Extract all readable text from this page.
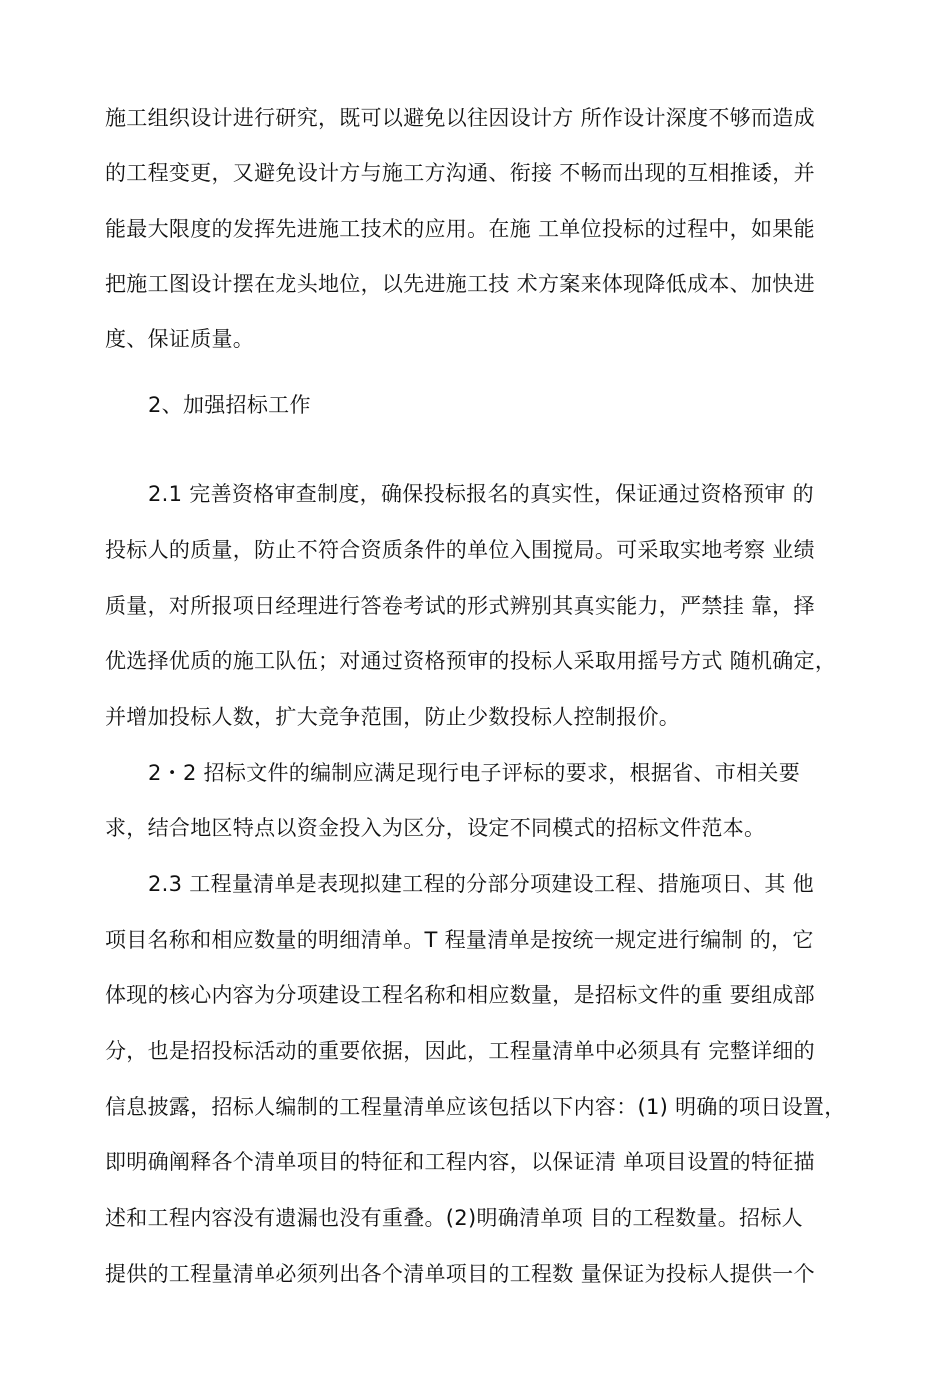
施工组织设计进行研究，既可以避免以往因设计方 所作设计深度不够而造成
的工程变更，又避免设计方与施工方沟通、衔接 不畅而出现的互相推诿，并
能最大限度的发挥先进施工技术的应用。在施 工单位投标的过程中，如果能
把施工图设计摆在龙头地位，以先进施工技 术方案来体现降低成本、加快进
度、保证质量。
2、加强招标工作
2.1 完善资格审查制度，确保投标报名的真实性，保证通过资格预审 的
投标人的质量，防止不符合资质条件的单位入围搅局。可采取实地考察 业绩
质量，对所报项日经理进行答卷考试的形式辨别其真实能力，严禁挂 靠，择
优选择优质的施工队伍；对通过资格预审的投标人采取用摇号方式 随机确定，
并增加投标人数，扩大竞争范围，防止少数投标人控制报价。
2・2 招标文件的编制应满足现行电子评标的要求，根据省、市相关要
求，结合地区特点以资金投入为区分，设定不同模式的招标文件范本。
2.3 工程量清单是表现拟建工程的分部分项建设工程、措施项日、其 他
项目名称和相应数量的明细清单。T 程量清单是按统一规定进行编制 的，它
体现的核心内容为分项建设工程名称和相应数量，是招标文件的重 要组成部
分，也是招投标活动的重要依据，因此，工程量清单中必须具有 完整详细的
信息披露，招标人编制的工程量清单应该包括以下内容：(1) 明确的项日设置，
即明确阐释各个清单项目的特征和工程内容，以保证清 单项目设置的特征描
述和工程内容没有遗漏也没有重叠。(2)明确清单项 目的工程数量。招标人
提供的工程量清单必须列出各个清单项目的工程数 量保证为投标人提供一个
